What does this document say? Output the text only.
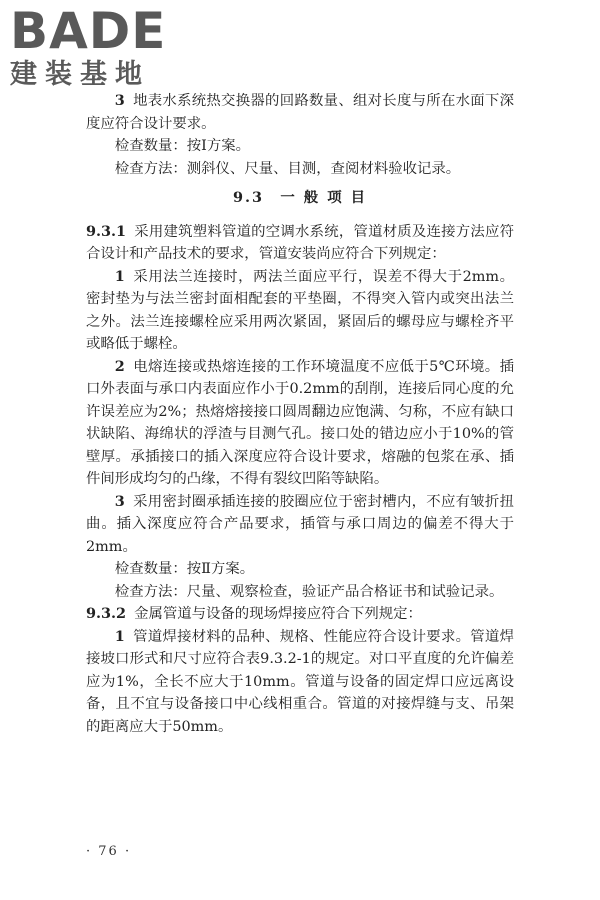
BADE
建装基地

3 地表水系统热交换器的回路数量、组对长度与所在水面下深度应符合设计要求。

检查数量：按Ⅰ方案。

检查方法：测斜仪、尺量、目测，查阅材料验收记录。

9.3　一 般 项 目

9.3.1 采用建筑塑料管道的空调水系统，管道材质及连接方法应符合设计和产品技术的要求，管道安装尚应符合下列规定：

1 采用法兰连接时，两法兰面应平行，误差不得大于2mm。密封垫为与法兰密封面相配套的平垫圈，不得突入管内或突出法兰之外。法兰连接螺栓应采用两次紧固，紧固后的螺母应与螺栓齐平或略低于螺栓。

2 电熔连接或热熔连接的工作环境温度不应低于5℃环境。插口外表面与承口内表面应作小于0.2mm的刮削，连接后同心度的允许误差应为2%；热熔熔接接口圆周翻边应饱满、匀称，不应有缺口状缺陷、海绵状的浮渣与目测气孔。接口处的错边应小于10%的管壁厚。承插接口的插入深度应符合设计要求，熔融的包浆在承、插件间形成均匀的凸缘，不得有裂纹凹陷等缺陷。

3 采用密封圈承插连接的胶圈应位于密封槽内，不应有皱折扭曲。插入深度应符合产品要求，插管与承口周边的偏差不得大于2mm。

检查数量：按Ⅱ方案。

检查方法：尺量、观察检查，验证产品合格证书和试验记录。

9.3.2 金属管道与设备的现场焊接应符合下列规定：

1 管道焊接材料的品种、规格、性能应符合设计要求。管道焊接坡口形式和尺寸应符合表9.3.2-1的规定。对口平直度的允许偏差应为1%，全长不应大于10mm。管道与设备的固定焊口应远离设备，且不宜与设备接口中心线相重合。管道的对接焊缝与支、吊架的距离应大于50mm。

· 76 ·
